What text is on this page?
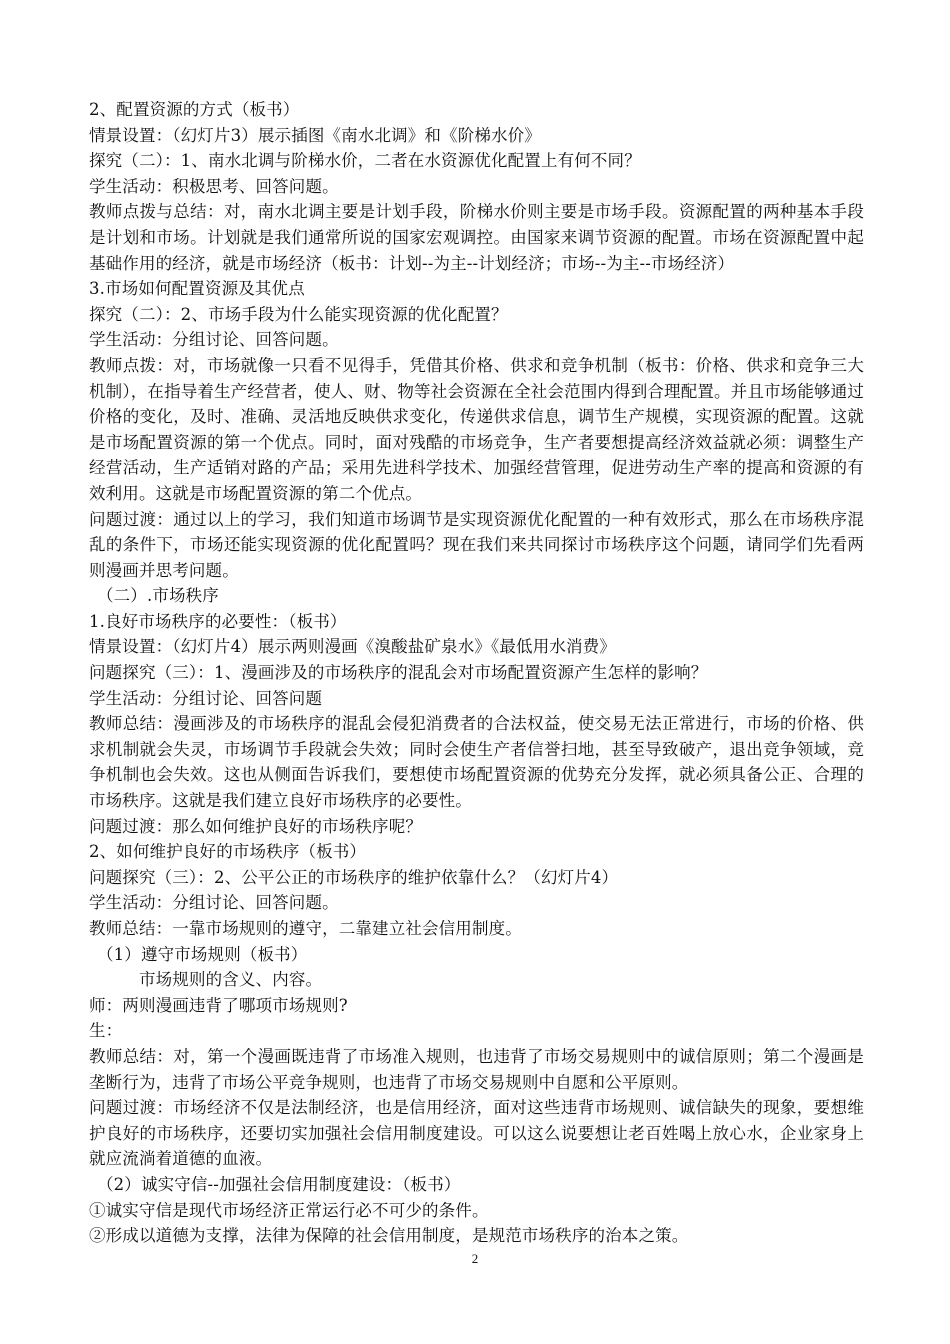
2、配置资源的方式（板书）

情景设置：（幻灯片3）展示插图《南水北调》和《阶梯水价》

探究（二）：1、南水北调与阶梯水价，二者在水资源优化配置上有何不同？

学生活动：积极思考、回答问题。

教师点拨与总结：对，南水北调主要是计划手段，阶梯水价则主要是市场手段。资源配置的两种基本手段是计划和市场。计划就是我们通常所说的国家宏观调控。由国家来调节资源的配置。市场在资源配置中起基础作用的经济，就是市场经济（板书：计划--为主--计划经济；市场--为主--市场经济）

3.市场如何配置资源及其优点

探究（二）：2、市场手段为什么能实现资源的优化配置？

学生活动：分组讨论、回答问题。

教师点拨：对，市场就像一只看不见得手，凭借其价格、供求和竞争机制（板书：价格、供求和竞争三大机制），在指导着生产经营者，使人、财、物等社会资源在全社会范围内得到合理配置。并且市场能够通过价格的变化，及时、准确、灵活地反映供求变化，传递供求信息，调节生产规模，实现资源的配置。这就是市场配置资源的第一个优点。同时，面对残酷的市场竞争，生产者要想提高经济效益就必须：调整生产经营活动，生产适销对路的产品；采用先进科学技术、加强经营管理，促进劳动生产率的提高和资源的有效利用。这就是市场配置资源的第二个优点。

问题过渡：通过以上的学习，我们知道市场调节是实现资源优化配置的一种有效形式，那么在市场秩序混乱的条件下，市场还能实现资源的优化配置吗？现在我们来共同探讨市场秩序这个问题，请同学们先看两则漫画并思考问题。

（二）.市场秩序

1.良好市场秩序的必要性：（板书）

情景设置：（幻灯片4）展示两则漫画《溴酸盐矿泉水》《最低用水消费》

问题探究（三）：1、漫画涉及的市场秩序的混乱会对市场配置资源产生怎样的影响？

学生活动：分组讨论、回答问题

教师总结：漫画涉及的市场秩序的混乱会侵犯消费者的合法权益，使交易无法正常进行，市场的价格、供求机制就会失灵，市场调节手段就会失效；同时会使生产者信誉扫地，甚至导致破产，退出竞争领域，竞争机制也会失效。这也从侧面告诉我们，要想使市场配置资源的优势充分发挥，就必须具备公正、合理的市场秩序。这就是我们建立良好市场秩序的必要性。

问题过渡：那么如何维护良好的市场秩序呢？

2、如何维护良好的市场秩序（板书）

问题探究（三）：2、公平公正的市场秩序的维护依靠什么？（幻灯片4）

学生活动：分组讨论、回答问题。

教师总结：一靠市场规则的遵守，二靠建立社会信用制度。

（1）遵守市场规则（板书）

市场规则的含义、内容。

师：两则漫画违背了哪项市场规则?

生：

教师总结：对，第一个漫画既违背了市场准入规则，也违背了市场交易规则中的诚信原则；第二个漫画是垄断行为，违背了市场公平竞争规则，也违背了市场交易规则中自愿和公平原则。

问题过渡：市场经济不仅是法制经济，也是信用经济，面对这些违背市场规则、诚信缺失的现象，要想维护良好的市场秩序，还要切实加强社会信用制度建设。可以这么说要想让老百姓喝上放心水，企业家身上就应流淌着道德的血液。

（2）诚实守信--加强社会信用制度建设：（板书）

①诚实守信是现代市场经济正常运行必不可少的条件。

②形成以道德为支撑，法律为保障的社会信用制度，是规范市场秩序的治本之策。

2
